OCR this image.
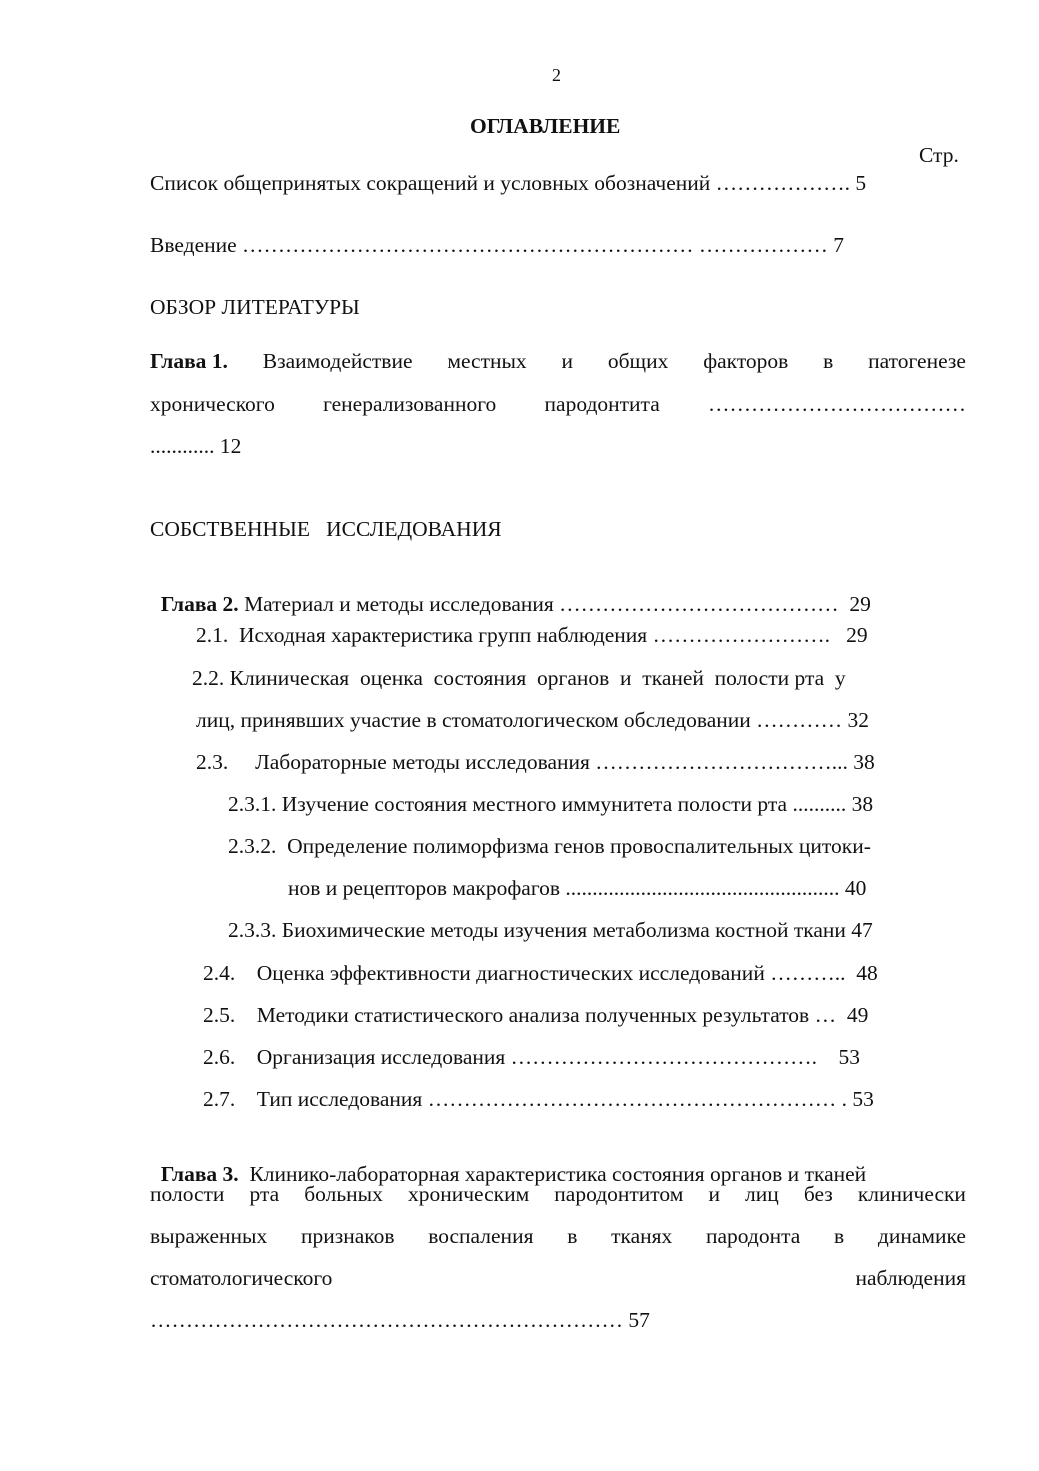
2
ОГЛАВЛЕНИЕ
Стр.
Список общепринятых сокращений и условных обозначений ………………. 5
Введение ……………………………………………………… ……………… 7
ОБЗОР ЛИТЕРАТУРЫ
Глава 1. Взаимодействие местных и общих факторов в патогенезе
хронического генерализованного пародонтита ………………………………
............ 12
СОБСТВЕННЫЕ   ИССЛЕДОВАНИЯ

Глава 2. Материал и методы исследования …………………………………  29

2.1.  Исходная характеристика групп наблюдения …………………….   29
2.2. Клиническая  оценка  состояния  органов  и  тканей  полости рта  у
лиц, принявших участие в стоматологическом обследовании ………… 32
2.3.     Лабораторные методы исследования ……………………………... 38
2.3.1. Изучение состояния местного иммунитета полости рта .......... 38
2.3.2.  Определение полиморфизма генов провоспалительных цитоки-
нов и рецепторов макрофагов ................................................... 40
2.3.3. Биохимические методы изучения метаболизма костной ткани 47
2.4.    Оценка эффективности диагностических исследований ………..  48
2.5.    Методики статистического анализа полученных результатов …  49
2.6.    Организация исследования …………………………………….    53
2.7.    Тип исследования ………………………………………………… . 53

Глава 3.  Клинико-лабораторная характеристика состояния органов и тканей

полости рта больных хроническим пародонтитом и лиц без клинически
выраженных признаков воспаления в тканях пародонта в динамике
стоматологического	наблюдения
………………………………………………………… 57
